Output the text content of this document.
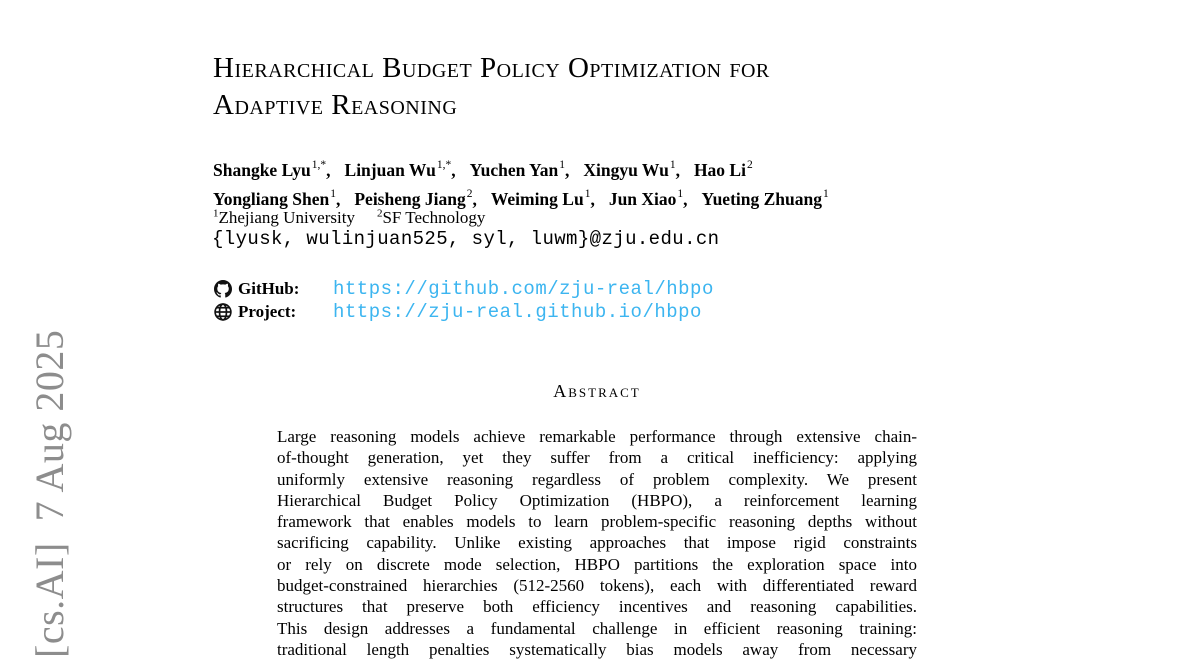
[cs.AI]  7 Aug 2025
Hierarchical Budget Policy Optimization for
Adaptive Reasoning
Shangke Lyu$^{1,*}$, Linjuan $Wu^{1,*}$, Yuchen Yan$^1$, Xingyu Wu$^1$, Hao Li$^2$
Yongliang Shen$^1$, Peisheng Jiang$^2$, Weiming Lu$^1$, Jun Xiao$^1$, Yueting Zhuang$^1$
$^1$Zhejiang University $^2$SF Technology
{lyusk, wulinjuan525, syl, luwm}@zju.edu.cn
GitHub:	https://github.com/zju-real/hbpo
Project:	https://zju-real.github.io/hbpo
Abstract
Large reasoning models achieve remarkable performance through extensive chain-
of-thought generation, yet they suffer from a critical inefficiency: applying
uniformly extensive reasoning regardless of problem complexity. We present
Hierarchical Budget Policy Optimization (HBPO), a reinforcement learning
framework that enables models to learn problem-specific reasoning depths without
sacrificing capability. Unlike existing approaches that impose rigid constraints
or rely on discrete mode selection, HBPO partitions the exploration space into
budget-constrained hierarchies (512-2560 tokens), each with differentiated reward
structures that preserve both efficiency incentives and reasoning capabilities.
This design addresses a fundamental challenge in efficient reasoning training:
traditional length penalties systematically bias models away from necessary
